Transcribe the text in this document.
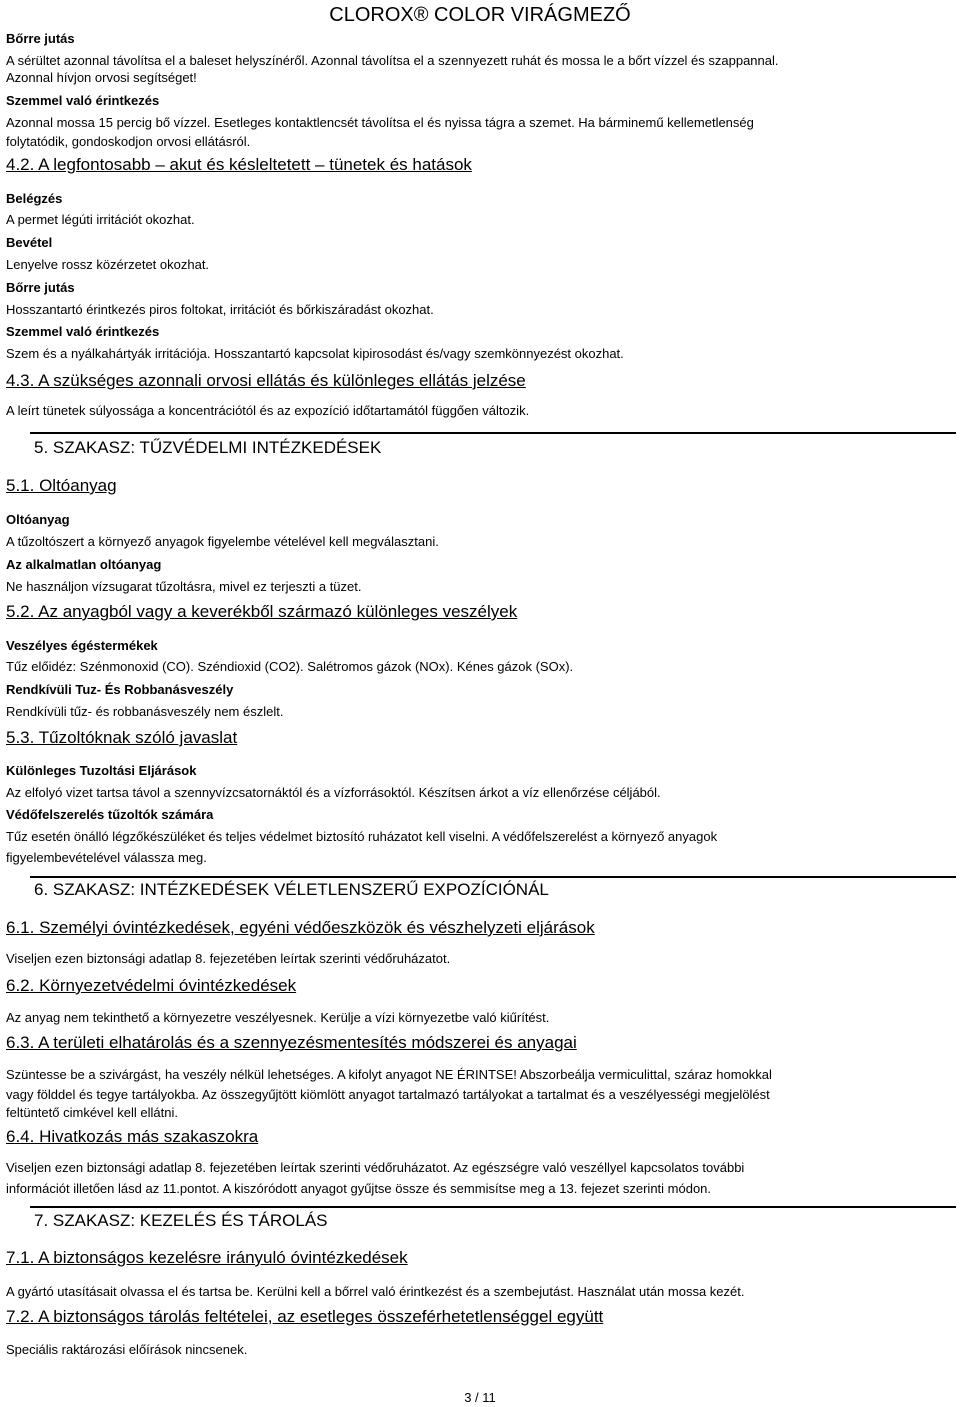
CLOROX® COLOR VIRÁGMEZŐ
Bőrre jutás
A sérültet azonnal távolítsa el a baleset helyszínéről. Azonnal távolítsa el a szennyezett ruhát és mossa le a bőrt vízzel és szappannal.
Azonnal hívjon orvosi segítséget!
Szemmel való érintkezés
Azonnal mossa 15 percig bő vízzel. Esetleges kontaktlencsét távolítsa el és nyissa tágra a szemet. Ha bárminemű kellemetlenség
folytatódik, gondoskodjon orvosi ellátásról.
4.2. A legfontosabb – akut és késleltetett – tünetek és hatások
Belégzés
A permet légúti irritációt okozhat.
Bevétel
Lenyelve rossz közérzetet okozhat.
Bőrre jutás
Hosszantartó érintkezés piros foltokat, irritációt és bőrkiszáradást okozhat.
Szemmel való érintkezés
Szem és a nyálkahártyák irritációja. Hosszantartó kapcsolat kipirosodást és/vagy szemkönnyezést okozhat.
4.3. A szükséges azonnali orvosi ellátás és különleges ellátás jelzése
A leírt tünetek súlyossága a koncentrációtól és az expozíció időtartamától függően változik.
5. SZAKASZ: TŰZVÉDELMI INTÉZKEDÉSEK
5.1. Oltóanyag
Oltóanyag
A tűzoltószert a környező anyagok figyelembe vételével kell megválasztani.
Az alkalmatlan oltóanyag
Ne használjon vízsugarat tűzoltásra, mivel ez terjeszti a tüzet.
5.2. Az anyagból vagy a keverékből származó különleges veszélyek
Veszélyes égéstermékek
Tűz előidéz: Szénmonoxid (CO). Széndioxid (CO2). Salétromos gázok (NOx). Kénes gázok (SOx).
Rendkívüli Tuz- És Robbanásveszély
Rendkívüli tűz- és robbanásveszély nem észlelt.
5.3. Tűzoltóknak szóló javaslat
Különleges Tuzoltási Eljárások
Az elfolyó vizet tartsa távol a szennyvízcsatornáktól és a vízforrásoktól. Készítsen árkot a víz ellenőrzése céljából.
Védőfelszerelés tűzoltók számára
Tűz esetén önálló légzőkészüléket és teljes védelmet biztosító ruházatot kell viselni. A védőfelszerelést a környező anyagok
figyelembevételével válassza meg.
6. SZAKASZ: INTÉZKEDÉSEK VÉLETLENSZERŰ EXPOZÍCIÓNÁL
6.1. Személyi óvintézkedések, egyéni védőeszközök és vészhelyzeti eljárások
Viseljen ezen biztonsági adatlap 8. fejezetében leírtak szerinti védőruházatot.
6.2. Környezetvédelmi óvintézkedések
Az anyag nem tekinthető a környezetre veszélyesnek. Kerülje a vízi környezetbe való kiűrítést.
6.3. A területi elhatárolás és a szennyezésmentesítés módszerei és anyagai
Szüntesse be a szivárgást, ha veszély nélkül lehetséges. A kifolyt anyagot NE ÉRINTSE! Abszorbeálja vermiculittal, száraz homokkal
vagy földdel és tegye tartályokba. Az összegyűjtött kiömlött anyagot tartalmazó tartályokat a tartalmat és a veszélyességi megjelölést
feltüntető cimkével kell ellátni.
6.4. Hivatkozás más szakaszokra
Viseljen ezen biztonsági adatlap 8. fejezetében leírtak szerinti védőruházatot. Az egészségre való veszéllyel kapcsolatos további
információt illetően lásd az 11.pontot. A kiszóródott anyagot gyűjtse össze és semmisítse meg a 13. fejezet szerinti módon.
7. SZAKASZ: KEZELÉS ÉS TÁROLÁS
7.1. A biztonságos kezelésre irányuló óvintézkedések
A gyártó utasításait olvassa el és tartsa be. Kerülni kell a bőrrel való érintkezést és a szembejutást. Használat után mossa kezét.
7.2. A biztonságos tárolás feltételei, az esetleges összeférhetetlenséggel együtt
Speciális raktározási előírások nincsenek.
3 / 11
